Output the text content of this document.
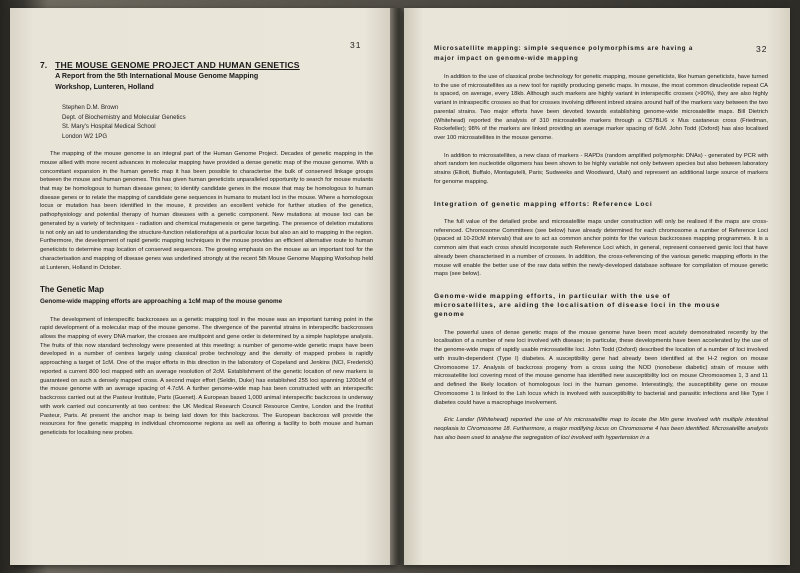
31
7. THE MOUSE GENOME PROJECT AND HUMAN GENETICS
A Report from the 5th International Mouse Genome Mapping
Workshop, Lunteren, Holland
Stephen D.M. Brown
Dept. of Biochemistry and Molecular Genetics
St. Mary's Hospital Medical School
London W2 1PG

The mapping of the mouse genome is an integral part of the Human Genome Project. Decades of genetic mapping in the mouse allied with more recent advances in molecular mapping have provided a dense genetic map of the mouse genome. With a concomitant expansion in the human genetic map it has been possible to characterise the bulk of conserved linkage groups between the mouse and human genomes. This has given human geneticists unparalleled opportunity to search for mouse mutants that may be homologous to human disease genes; to identify candidate genes in the mouse that may be homologous to human disease genes or to relate the mapping of candidate gene sequences in humans to mutant loci in the mouse. Where a homologous locus or mutation has been identified in the mouse, it provides an excellent vehicle for further studies of the genetics, pathophysiology and potential therapy of human diseases with a genetic component. New mutations at mouse loci can be generated by a variety of techniques - radiation and chemical mutagenesis or gene targeting. The presence of deletion mutations is not only an aid to understanding the structure-function relationships at a particular locus but also an aid to mapping in the region. Furthermore, the development of rapid genetic mapping techniques in the mouse provides an efficient alternative route to human geneticists to determine map location of conserved sequences. The growing emphasis on the mouse as an important tool for the characterisation and mapping of disease genes was underlined strongly at the recent 5th Mouse Genome Mapping Workshop held at Lunteren, Holland in October.

The Genetic Map
Genome-wide mapping efforts are approaching a 1cM map of the mouse genome

The development of interspecific backcrosses as a genetic mapping tool in the mouse was an important turning point in the rapid development of a molecular map of the mouse genome. The divergence of the parental strains in interspecific backcrosses allows the mapping of every DNA marker, the crosses are multipoint and gene order is determined by a simple haplotype analysis. The fruits of this now standard technology were presented at this meeting: a number of genome-wide genetic maps have been developed in a number of centres largely using classical probe technology and the density of mapped probes is rapidly approaching a target of 1cM. One of the major efforts in this direction in the laboratory of Copeland and Jenkins (NCI, Frederick) reported a current 800 loci mapped with an average resolution of 2cM. Establishment of the genetic location of new markers is guaranteed on such a densely mapped cross. A second major effort (Seldin, Duke) has established 255 loci spanning 1200cM of the mouse genome with an average spacing of 4.7cM. A further genome-wide map has been constructed with an interspecific backcross carried out at the Pasteur Institute, Paris (Guenet). A European based 1,000 animal interspecific backcross is underway with work carried out concurrently at two centres: the UK Medical Research Council Resource Centre, London and the Institut Pasteur, Paris. At present the anchor map is being laid down for this backcross. The European backcross will provide the resources for fine genetic mapping in individual chromosome regions as well as offering a facility to both mouse and human geneticists for localising new probes.

32
Microsatellite mapping: simple sequence polymorphisms are having a
major impact on genome-wide mapping

In addition to the use of classical probe technology for genetic mapping, mouse geneticists, like human geneticists, have turned to the use of microsatellites as a new tool for rapidly producing genetic maps. In mouse, the most common dinucleotide repeat CA is spaced, on average, every 18kb. Although such markers are highly variant in interspecific crosses (>90%), they are also highly variant in intraspecific crosses so that for crosses involving different inbred strains around half of the markers vary between the two parental strains. Two major efforts have been devoted towards establishing genome-wide microsatellite maps. Bill Dietrich (Whitehead) reported the analysis of 310 microsatellite markers through a C57BL/6 x Mus castaneus cross (Friedman, Rockefeller); 98% of the markers are linked providing an average marker spacing of 6cM. John Todd (Oxford) has also localised over 100 microsatellites in the mouse genome.

In addition to microsatellites, a new class of markers - RAPDs (random amplified polymorphic DNAs) - generated by PCR with short random ten nucleotide oligomers has been shown to be highly variable not only between species but also between laboratory strains (Elliott, Buffalo, Montagutelli, Paris; Sudweeks and Woodward, Utah) and represent an additional large source of markers for genome mapping.

Integration of genetic mapping efforts: Reference Loci

The full value of the detailed probe and microsatellite maps under construction will only be realised if the maps are cross-referenced. Chromosome Committees (see below) have already determined for each chromosome a number of Reference Loci (spaced at 10-20cM intervals) that are to act as common anchor points for the various backcrosses mapping programmes. It is a common aim that each cross should incorporate such Reference Loci which, in general, represent conserved genic loci that have already been characterised in a number of crosses. In addition, the cross-referencing of the various genetic mapping efforts in the mouse will enable the better use of the raw data within the newly-developed database software for compilation of mouse genetic maps (see below).

Genome-wide mapping efforts, in particular with the use of
microsatellites, are aiding the localisation of disease loci in the mouse
genome

The powerful uses of dense genetic maps of the mouse genome have been most acutely demonstrated recently by the localisation of a number of new loci involved with disease; in particular, these developments have been accelerated by the use of the genome-wide maps of rapidly usable microsatellite loci. John Todd (Oxford) described the location of a number of loci involved with insulin-dependent (Type I) diabetes. A susceptibility gene had already been identified at the H-2 region on mouse Chromosome 17. Analysis of backcross progeny from a cross using the NOD (nonobese diabetic) strain of mouse with microsatellite loci covering most of the mouse genome has identified new susceptibility loci on mouse Chromosomes 1, 3 and 11 and defined the likely location of homologous loci in the human genome. Interestingly, the susceptibility gene on mouse Chromosome 1 is linked to the Lsh locus which is involved with susceptibility to bacterial and parasitic infections and like Type I diabetes could have a macrophage involvement.

Eric Lander (Whitehead) reported the use of his microsatellite map to locate the Min gene involved with multiple intestinal neoplasia to Chromosome 18. Furthermore, a major modifying locus on Chromosome 4 has been identified. Microsatellite analysis has also been used to analyse the segregation of loci involved with hypertension in a
